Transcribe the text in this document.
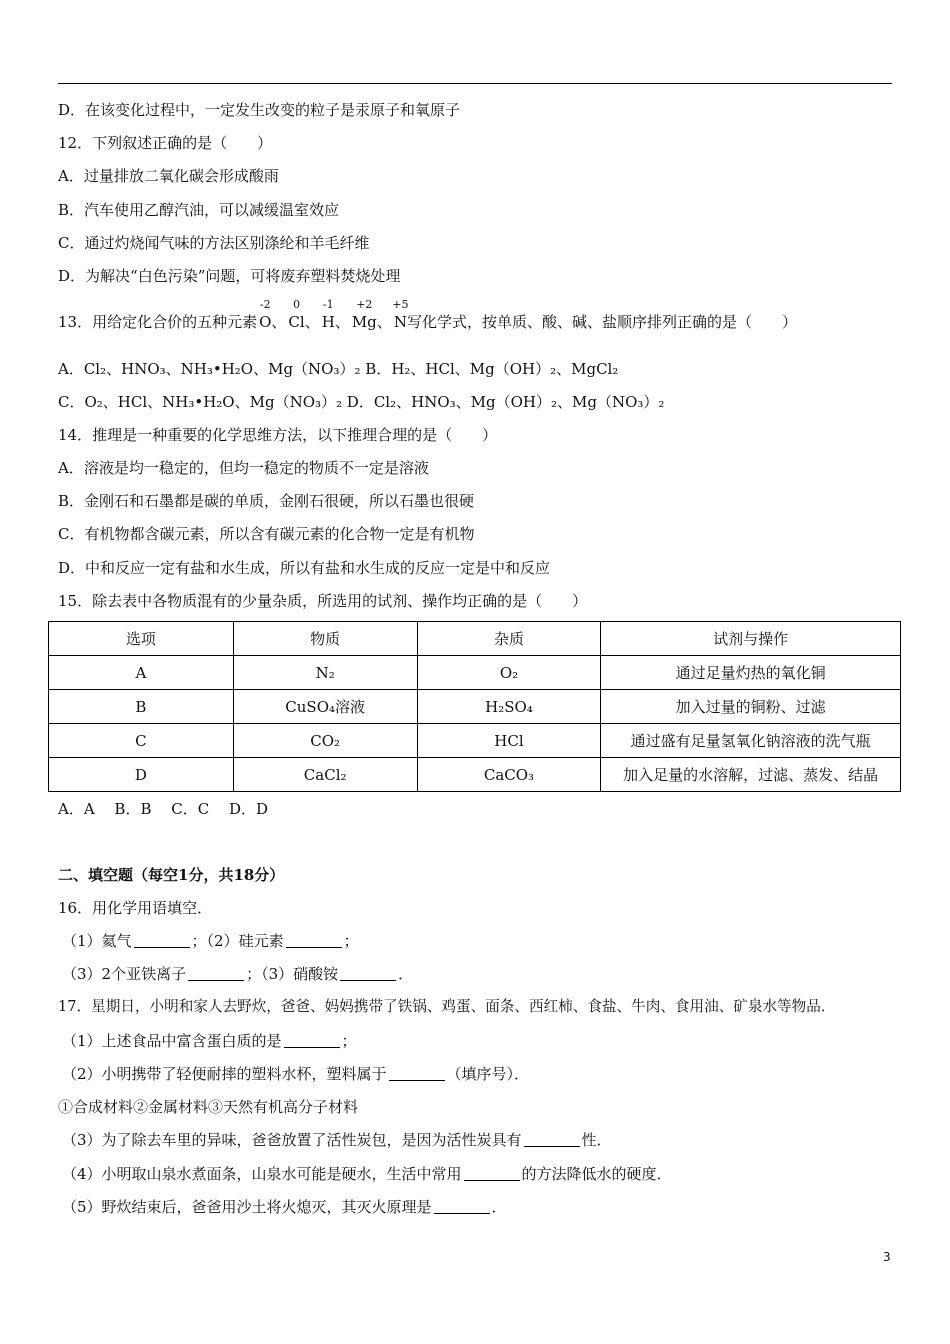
D．在该变化过程中，一定发生改变的粒子是汞原子和氧原子
12．下列叙述正确的是（　　）
A．过量排放二氧化碳会形成酸雨
B．汽车使用乙醇汽油，可以减缓温室效应
C．通过灼烧闻气味的方法区别涤纶和羊毛纤维
D．为解决“白色污染”问题，可将废弃塑料焚烧处理
13．用给定化合价的五种元素
-2
O、
0
Cl、
-1
H、
+2
Mg、
+5
N写化学式，按单质、酸、碱、盐顺序排列正确的是（　　）
A．Cl₂、HNO₃、NH₃•H₂O、Mg（NO₃）₂ B．H₂、HCl、Mg（OH）₂、MgCl₂
C．O₂、HCl、NH₃•H₂O、Mg（NO₃）₂ D．Cl₂、HNO₃、Mg（OH）₂、Mg（NO₃）₂
14．推理是一种重要的化学思维方法，以下推理合理的是（　　）
A．溶液是均一稳定的，但均一稳定的物质不一定是溶液
B．金刚石和石墨都是碳的单质，金刚石很硬，所以石墨也很硬
C．有机物都含碳元素，所以含有碳元素的化合物一定是有机物
D．中和反应一定有盐和水生成，所以有盐和水生成的反应一定是中和反应
15．除去表中各物质混有的少量杂质，所选用的试剂、操作均正确的是（　　）
选项	物质	杂质	试剂与操作
A	N₂	O₂	通过足量灼热的氧化铜
B	CuSO₄溶液	H₂SO₄	加入过量的铜粉、过滤
C	CO₂	HCl	通过盛有足量氢氧化钠溶液的洗气瓶
D	CaCl₂	CaCO₃	加入足量的水溶解，过滤、蒸发、结晶
A．A　 B．B　 C．C　 D．D
二、填空题（每空1分，共18分）
16．用化学用语填空．
（1）氦气	；（2）硅元素	；
（3）2个亚铁离子	；（3）硝酸铵	．
17．星期日，小明和家人去野炊，爸爸、妈妈携带了铁锅、鸡蛋、面条、西红柿、食盐、牛肉、食用油、矿泉水等物品．
（1）上述食品中富含蛋白质的是	；
（2）小明携带了轻便耐摔的塑料水杯，塑料属于	（填序号）．
①合成材料②金属材料③天然有机高分子材料
（3）为了除去车里的异味，爸爸放置了活性炭包，是因为活性炭具有	性．
（4）小明取山泉水煮面条，山泉水可能是硬水，生活中常用	的方法降低水的硬度．
（5）野炊结束后，爸爸用沙土将火熄灭，其灭火原理是	．
3
